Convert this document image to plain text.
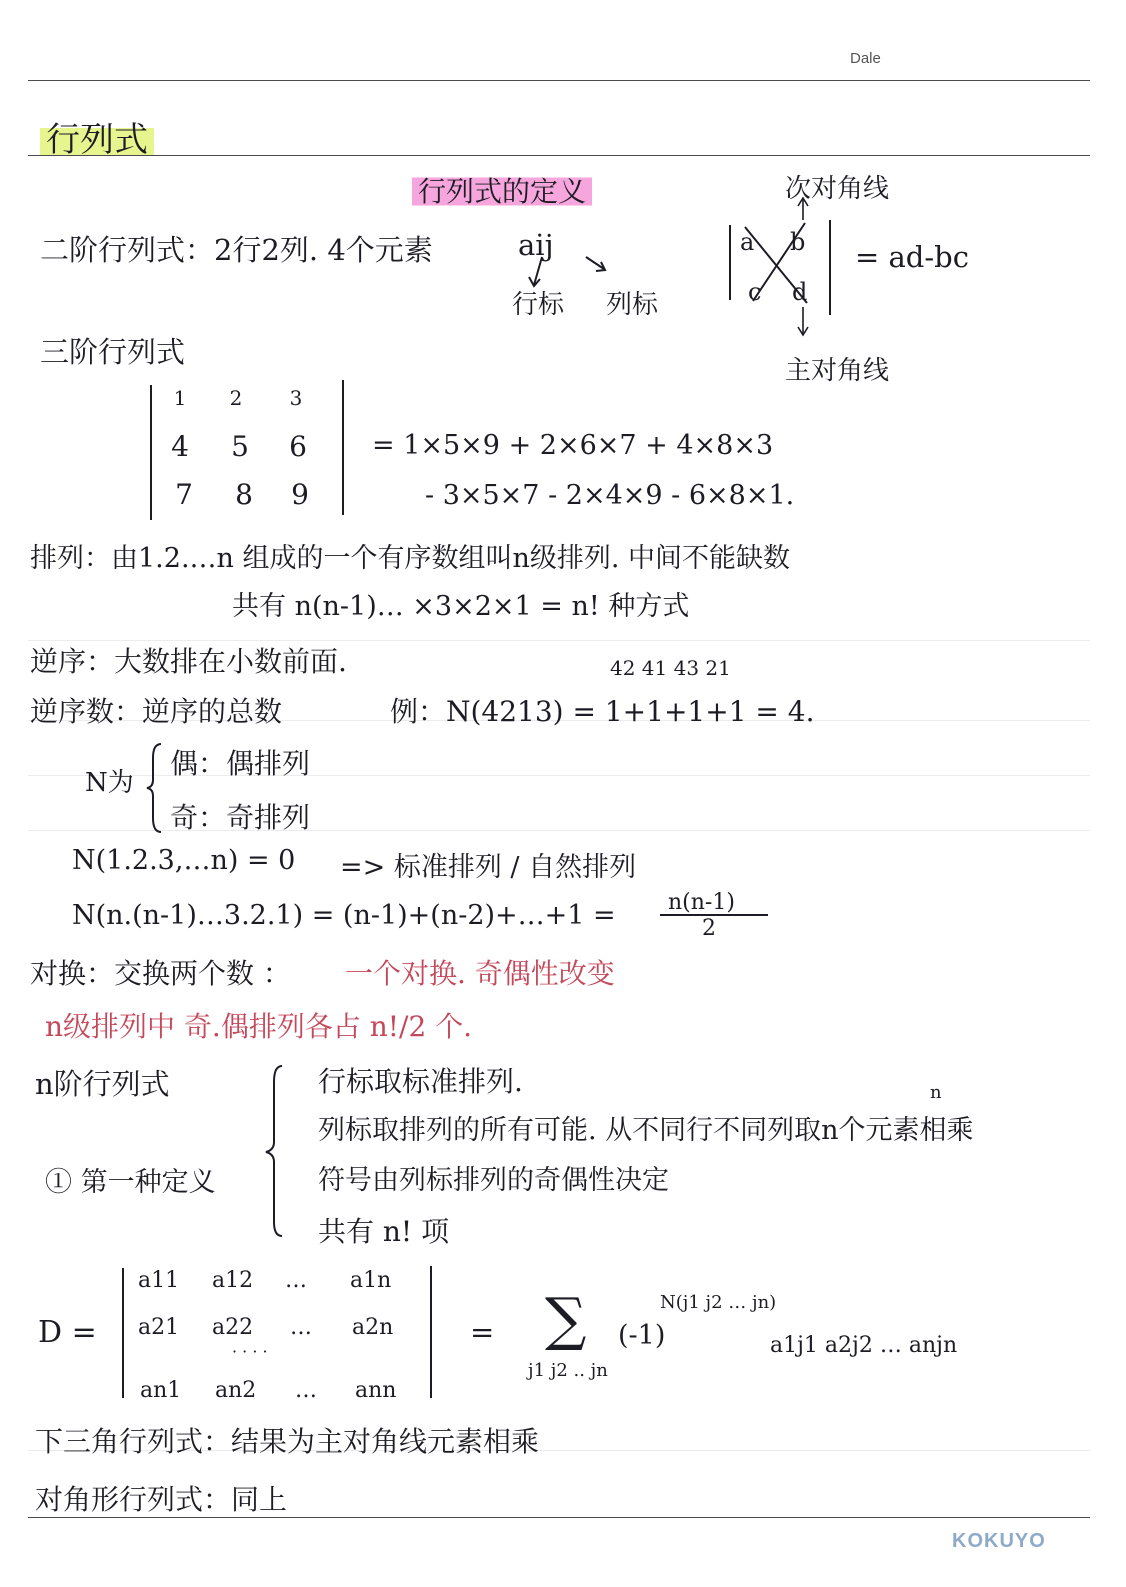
Dale
行列式
行列式的定义
二阶行列式：2行2列. 4个元素	aij
行标 列标
次对角线
主对角线
a b
c d
= ad-bc
三阶行列式
1	2	3
4	5	6
7	8	9
= 1×5×9 + 2×6×7 + 4×8×3
- 3×5×7 - 2×4×9 - 6×8×1.
排列：由1.2.…n 组成的一个有序数组叫n级排列. 中间不能缺数
共有 n(n-1)… ×3×2×1 = n! 种方式
逆序：大数排在小数前面.	42 41 43 21
逆序数：逆序的总数	例：N(4213) = 1+1+1+1 = 4.
N为
偶：偶排列
奇：奇排列
N(1.2.3,…n) = 0 => 标准排列 / 自然排列
N(n.(n-1)…3.2.1) = (n-1)+(n-2)+…+1 = n(n-1)
2
对换：交换两个数 ： 一个对换. 奇偶性改变
n级排列中 奇.偶排列各占 n!/2 个.
n阶行列式
① 第一种定义
行标取标准排列.	n
列标取排列的所有可能. 从不同行不同列取n个元素相乘
符号由列标排列的奇偶性决定
共有 n! 项
D =
a11 a12 … a1n
a21 a22 … a2n
· · · ·
an1 an2 … ann
= ∑
j1 j2 .. jn
(-1)
N(j1 j2 … jn)
a1j1 a2j2 … anjn
下三角行列式：结果为主对角线元素相乘
对角形行列式：同上
KOKUYO
